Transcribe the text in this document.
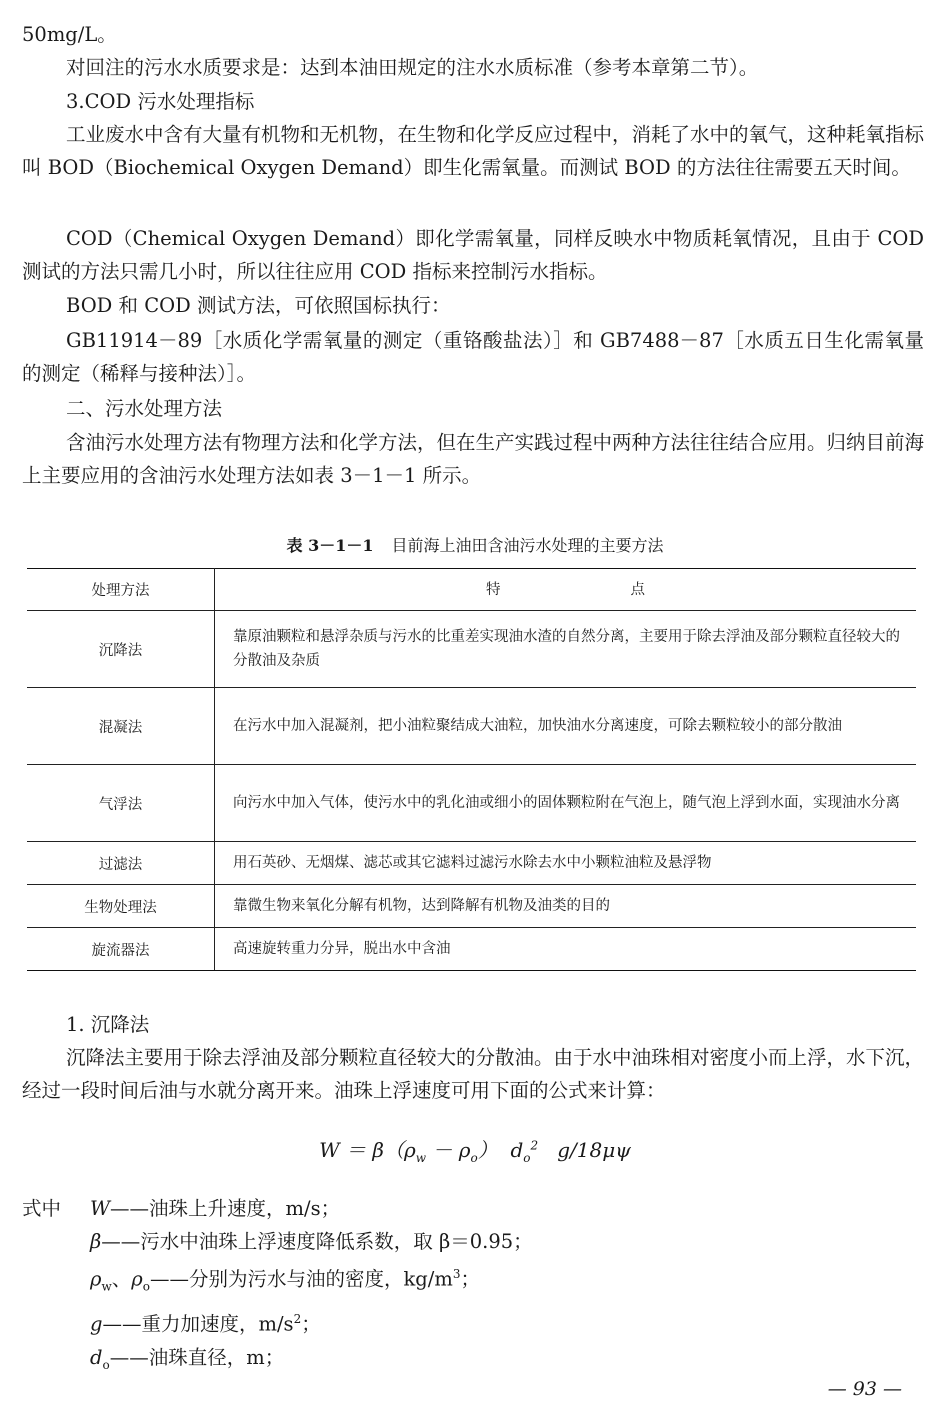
50mg/L。

对回注的污水水质要求是：达到本油田规定的注水水质标准（参考本章第二节）。

3.COD 污水处理指标

工业废水中含有大量有机物和无机物，在生物和化学反应过程中，消耗了水中的氧气，这种耗氧指标叫 BOD（Biochemical Oxygen Demand）即生化需氧量。而测试 BOD 的方法往往需要五天时间。

COD（Chemical Oxygen Demand）即化学需氧量，同样反映水中物质耗氧情况，且由于 COD 测试的方法只需几小时，所以往往应用 COD 指标来控制污水指标。

BOD 和 COD 测试方法，可依照国标执行：

GB11914－89［水质化学需氧量的测定（重铬酸盐法）］和 GB7488－87［水质五日生化需氧量的测定（稀释与接种法）］。

二、污水处理方法

含油污水处理方法有物理方法和化学方法，但在生产实践过程中两种方法往往结合应用。归纳目前海上主要应用的含油污水处理方法如表 3－1－1 所示。

表 3－1－1 目前海上油田含油污水处理的主要方法

处理方法	特 点
沉降法	靠原油颗粒和悬浮杂质与污水的比重差实现油水渣的自然分离，主要用于除去浮油及部分颗粒直径较大的分散油及杂质
混凝法	在污水中加入混凝剂，把小油粒聚结成大油粒，加快油水分离速度，可除去颗粒较小的部分散油
气浮法	向污水中加入气体，使污水中的乳化油或细小的固体颗粒附在气泡上，随气泡上浮到水面，实现油水分离
过滤法	用石英砂、无烟煤、滤芯或其它滤料过滤污水除去水中小颗粒油粒及悬浮物
生物处理法	靠微生物来氧化分解有机物，达到降解有机物及油类的目的
旋流器法	高速旋转重力分异，脱出水中含油

1. 沉降法

沉降法主要用于除去浮油及部分颗粒直径较大的分散油。由于水中油珠相对密度小而上浮，水下沉，经过一段时间后油与水就分离开来。油珠上浮速度可用下面的公式来计算：

$W = \beta(\rho_w - \rho_o)$ $d_o^2$ g/18μψ

式中 W——油珠上升速度，m/s；
β——污水中油珠上浮速度降低系数，取 β＝0.95；
$\rho_w$、$\rho_o——$分别为污水与油的密度，$kg/m^3$；
g——重力加速度，$m/s^2$；
$d_o——$油珠直径，m；

— 93 —
